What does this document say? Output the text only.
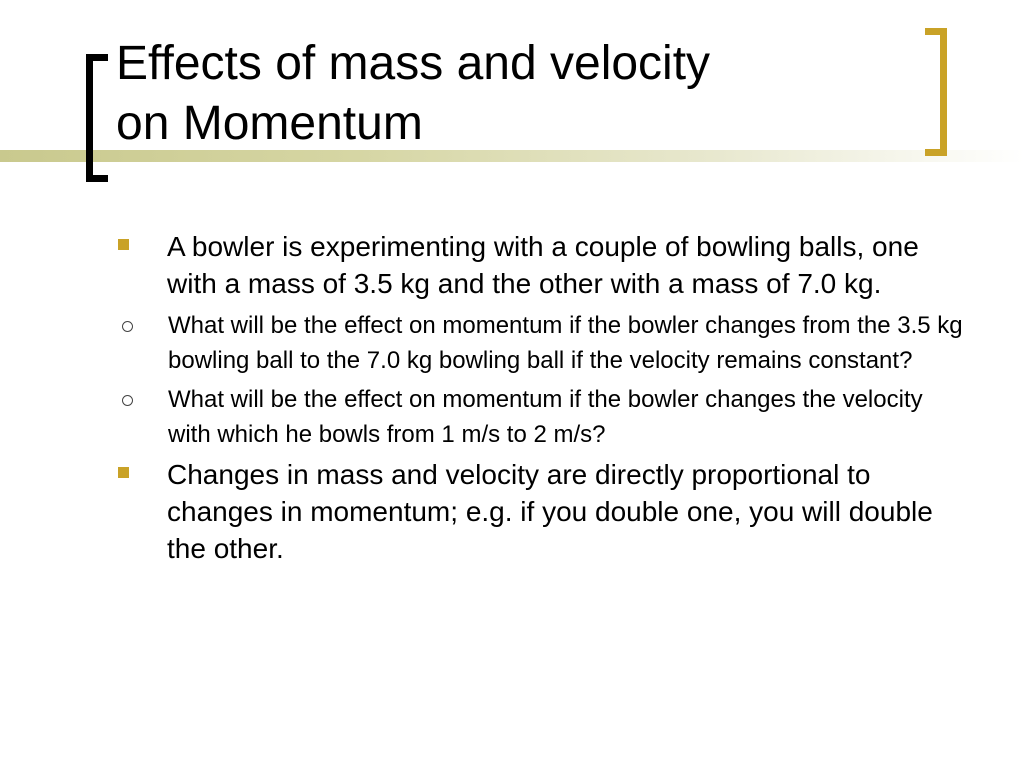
Effects of mass and velocity
on Momentum
A bowler is experimenting with a couple of bowling balls, one with a mass of 3.5 kg and the other with a mass of 7.0 kg.
What will be the effect on momentum if the bowler changes from the 3.5 kg bowling ball to the 7.0 kg bowling ball if the velocity remains constant?
What will be the effect on momentum if the bowler changes the velocity with which he bowls from 1 m/s to 2 m/s?
Changes in mass and velocity are directly proportional to changes in momentum; e.g. if you double one, you will double the other.
